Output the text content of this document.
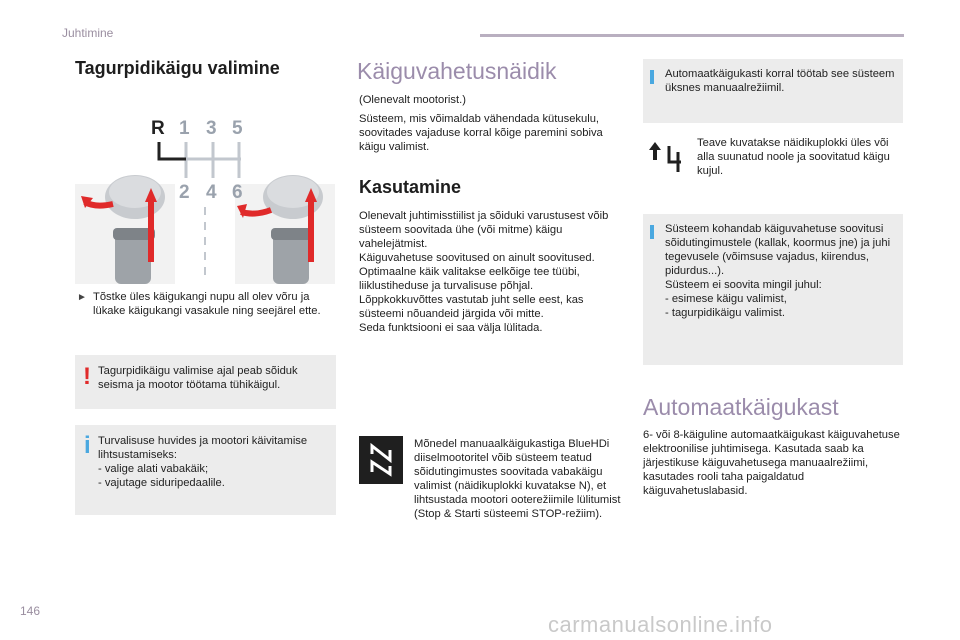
Juhtimine
146
carmanualsonline.info
Tagurpidikäigu valimine
R 1 3 5
2 4 6
► Tõstke üles käigukangi nupu all olev võru ja lükake käigukangi vasakule ning seejärel ette.
! Tagurpidikäigu valimise ajal peab sõiduk seisma ja mootor töötama tühikäigul.
i Turvalisuse huvides ja mootori käivitamise lihtsustamiseks:
- valige alati vabakäik;
- vajutage siduripedaalile.
Käiguvahetusnäidik
(Olenevalt mootorist.)
Süsteem, mis võimaldab vähendada kütusekulu, soovitades vajaduse korral kõige paremini sobiva käigu valimist.
Kasutamine
Olenevalt juhtimisstiilist ja sõiduki varustusest võib süsteem soovitada ühe (või mitme) käigu vahelejätmist.
Käiguvahetuse soovitused on ainult soovitused. Optimaalne käik valitakse eelkõige tee tüübi, liiklustiheduse ja turvalisuse põhjal.
Lõppkokkuvõttes vastutab juht selle eest, kas süsteemi nõuandeid järgida või mitte.
Seda funktsiooni ei saa välja lülitada.
Mõnedel manuaalkäigukastiga BlueHDi diiselmootoritel võib süsteem teatud sõidutingimustes soovitada vabakäigu valimist (näidikuplokki kuvatakse N), et lihtsustada mootori ooterežiimile lülitumist (Stop & Starti süsteemi STOP-režiim).
Automaatkäigukasti korral töötab see süsteem üksnes manuaalrežiimil.
Teave kuvatakse näidikuplokki üles või alla suunatud noole ja soovitatud käigu kujul.
Süsteem kohandab käiguvahetuse soovitusi sõidutingimustele (kallak, koormus jne) ja juhi tegevusele (võimsuse vajadus, kiirendus, pidurdus...).
Süsteem ei soovita mingil juhul:
- esimese käigu valimist,
- tagurpidikäigu valimist.
Automaatkäigukast
6- või 8-käiguline automaatkäigukast käiguvahetuse elektroonilise juhtimisega. Kasutada saab ka järjestikuse käiguvahetusega manuaalrežiimi, kasutades rooli taha paigaldatud käiguvahetuslabasid.
